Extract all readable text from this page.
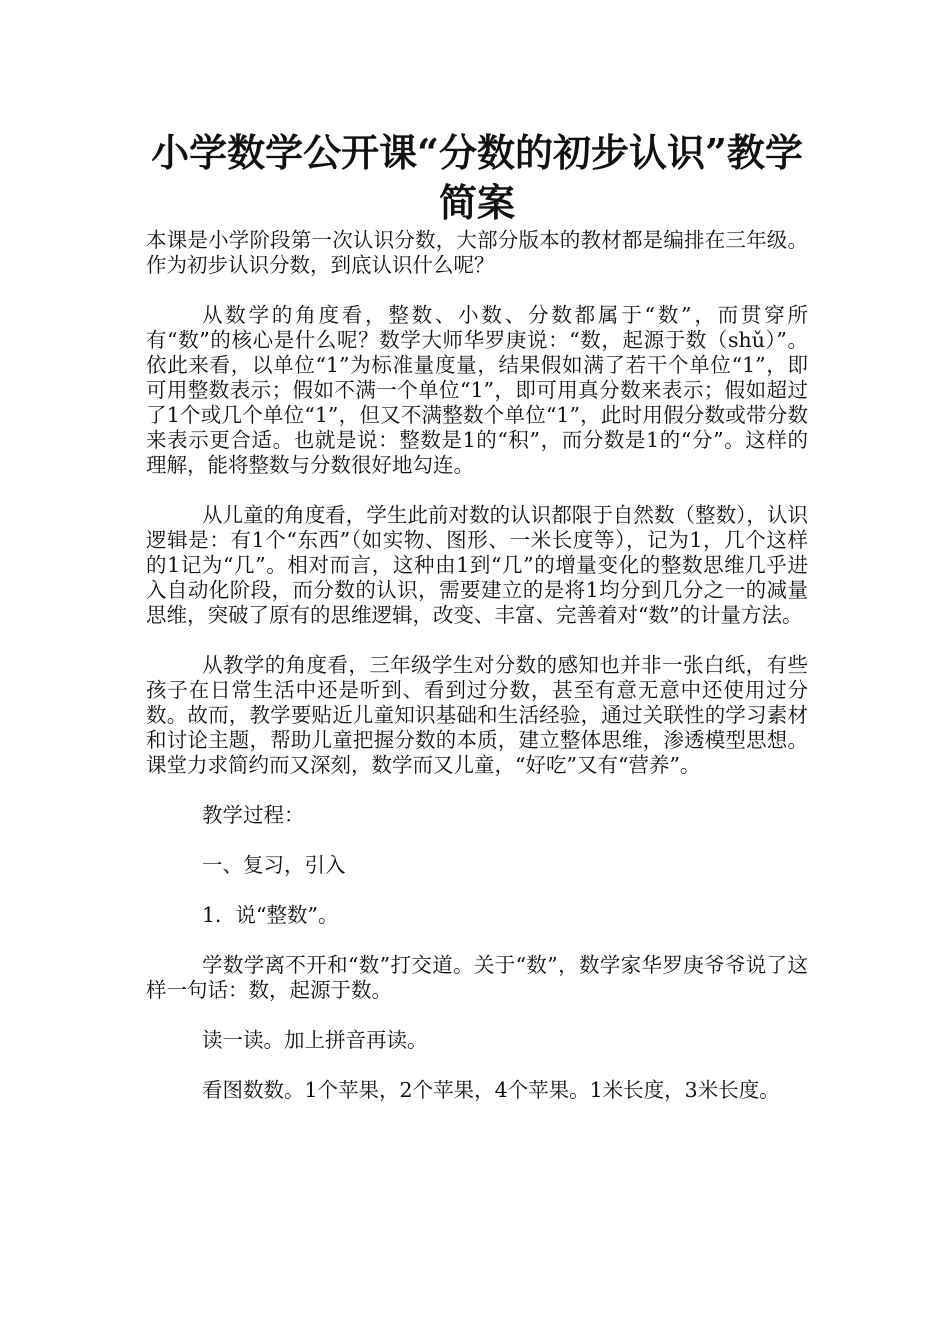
小学数学公开课“分数的初步认识”教学简案

本课是小学阶段第一次认识分数，大部分版本的教材都是编排在三年级。作为初步认识分数，到底认识什么呢？

从数学的角度看，整数、小数、分数都属于“数”，而贯穿所有“数”的核心是什么呢？数学大师华罗庚说：“数，起源于数（shǔ）”。依此来看，以单位“1”为标准量度量，结果假如满了若干个单位“1”，即可用整数表示；假如不满一个单位“1”，即可用真分数来表示；假如超过了1个或几个单位“1”，但又不满整数个单位“1”，此时用假分数或带分数来表示更合适。也就是说：整数是1的“积”，而分数是1的“分”。这样的理解，能将整数与分数很好地勾连。

从儿童的角度看，学生此前对数的认识都限于自然数（整数），认识逻辑是：有1个“东西”（如实物、图形、一米长度等），记为1，几个这样的1记为“几”。相对而言，这种由1到“几”的增量变化的整数思维几乎进入自动化阶段，而分数的认识，需要建立的是将1均分到几分之一的减量思维，突破了原有的思维逻辑，改变、丰富、完善着对“数”的计量方法。

从教学的角度看，三年级学生对分数的感知也并非一张白纸，有些孩子在日常生活中还是听到、看到过分数，甚至有意无意中还使用过分数。故而，教学要贴近儿童知识基础和生活经验，通过关联性的学习素材和讨论主题，帮助儿童把握分数的本质，建立整体思维，渗透模型思想。课堂力求简约而又深刻，数学而又儿童，“好吃”又有“营养”。

教学过程：

一、复习，引入

1．说“整数”。

学数学离不开和“数”打交道。关于“数”，数学家华罗庚爷爷说了这样一句话：数，起源于数。

读一读。加上拼音再读。

看图数数。1个苹果，2个苹果，4个苹果。1米长度，3米长度。
